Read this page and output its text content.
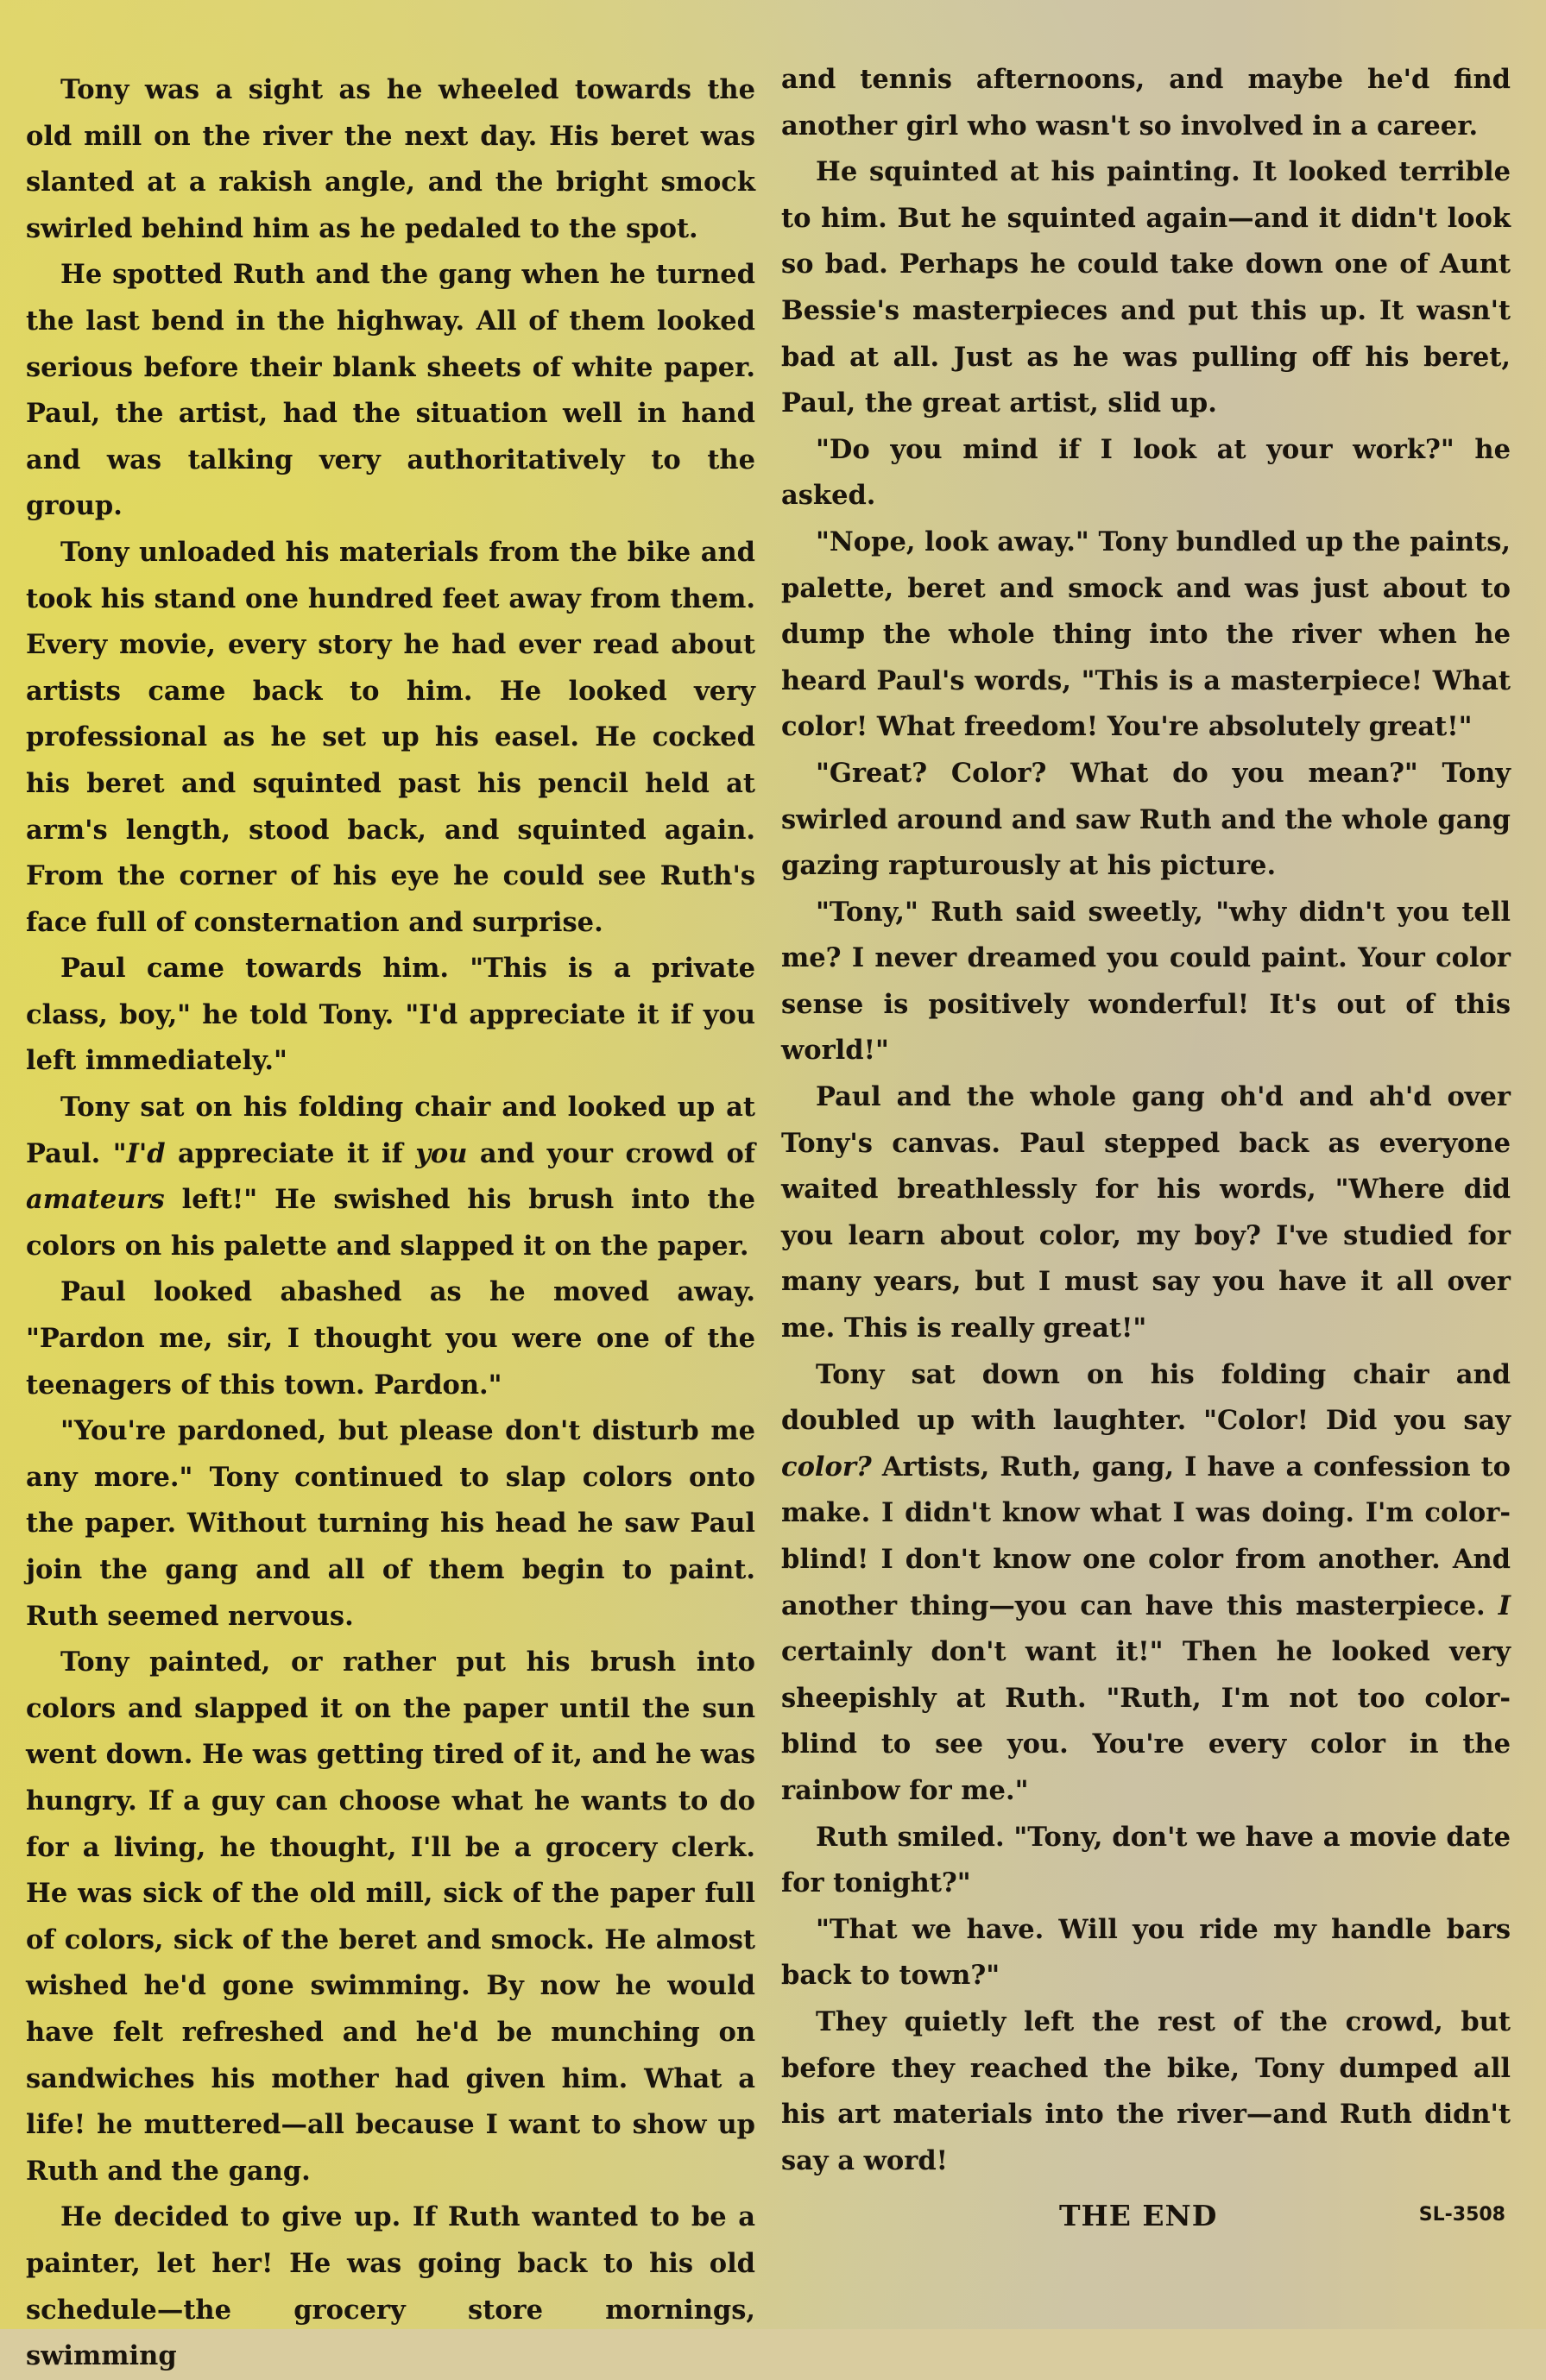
Tony was a sight as he wheeled towards the old mill on the river the next day. His beret was slanted at a rakish angle, and the bright smock swirled behind him as he pedaled to the spot.

He spotted Ruth and the gang when he turned the last bend in the highway. All of them looked serious before their blank sheets of white paper. Paul, the artist, had the situation well in hand and was talking very authoritatively to the group.

Tony unloaded his materials from the bike and took his stand one hundred feet away from them. Every movie, every story he had ever read about artists came back to him. He looked very professional as he set up his easel. He cocked his beret and squinted past his pencil held at arm's length, stood back, and squinted again. From the corner of his eye he could see Ruth's face full of consternation and surprise.

Paul came towards him. "This is a private class, boy," he told Tony. "I'd appreciate it if you left immediately."

Tony sat on his folding chair and looked up at Paul. "I'd appreciate it if you and your crowd of amateurs left!" He swished his brush into the colors on his palette and slapped it on the paper.

Paul looked abashed as he moved away. "Pardon me, sir, I thought you were one of the teenagers of this town. Pardon."

"You're pardoned, but please don't disturb me any more." Tony continued to slap colors onto the paper. Without turning his head he saw Paul join the gang and all of them begin to paint. Ruth seemed nervous.

Tony painted, or rather put his brush into colors and slapped it on the paper until the sun went down. He was getting tired of it, and he was hungry. If a guy can choose what he wants to do for a living, he thought, I'll be a grocery clerk. He was sick of the old mill, sick of the paper full of colors, sick of the beret and smock. He almost wished he'd gone swimming. By now he would have felt refreshed and he'd be munching on sandwiches his mother had given him. What a life! he muttered—all because I want to show up Ruth and the gang.

He decided to give up. If Ruth wanted to be a painter, let her! He was going back to his old schedule—the grocery store mornings, swimming

and tennis afternoons, and maybe he'd find another girl who wasn't so involved in a career.

He squinted at his painting. It looked terrible to him. But he squinted again—and it didn't look so bad. Perhaps he could take down one of Aunt Bessie's masterpieces and put this up. It wasn't bad at all. Just as he was pulling off his beret, Paul, the great artist, slid up.

"Do you mind if I look at your work?" he asked.

"Nope, look away." Tony bundled up the paints, palette, beret and smock and was just about to dump the whole thing into the river when he heard Paul's words, "This is a masterpiece! What color! What freedom! You're absolutely great!"

"Great? Color? What do you mean?" Tony swirled around and saw Ruth and the whole gang gazing rapturously at his picture.

"Tony," Ruth said sweetly, "why didn't you tell me? I never dreamed you could paint. Your color sense is positively wonderful! It's out of this world!"

Paul and the whole gang oh'd and ah'd over Tony's canvas. Paul stepped back as everyone waited breathlessly for his words, "Where did you learn about color, my boy? I've studied for many years, but I must say you have it all over me. This is really great!"

Tony sat down on his folding chair and doubled up with laughter. "Color! Did you say color? Artists, Ruth, gang, I have a confession to make. I didn't know what I was doing. I'm color-blind! I don't know one color from another. And another thing—you can have this masterpiece. I certainly don't want it!" Then he looked very sheepishly at Ruth. "Ruth, I'm not too color-blind to see you. You're every color in the rainbow for me."

Ruth smiled. "Tony, don't we have a movie date for tonight?"

"That we have. Will you ride my handle bars back to town?"

They quietly left the rest of the crowd, but before they reached the bike, Tony dumped all his art materials into the river—and Ruth didn't say a word!

THE END	SL-3508
